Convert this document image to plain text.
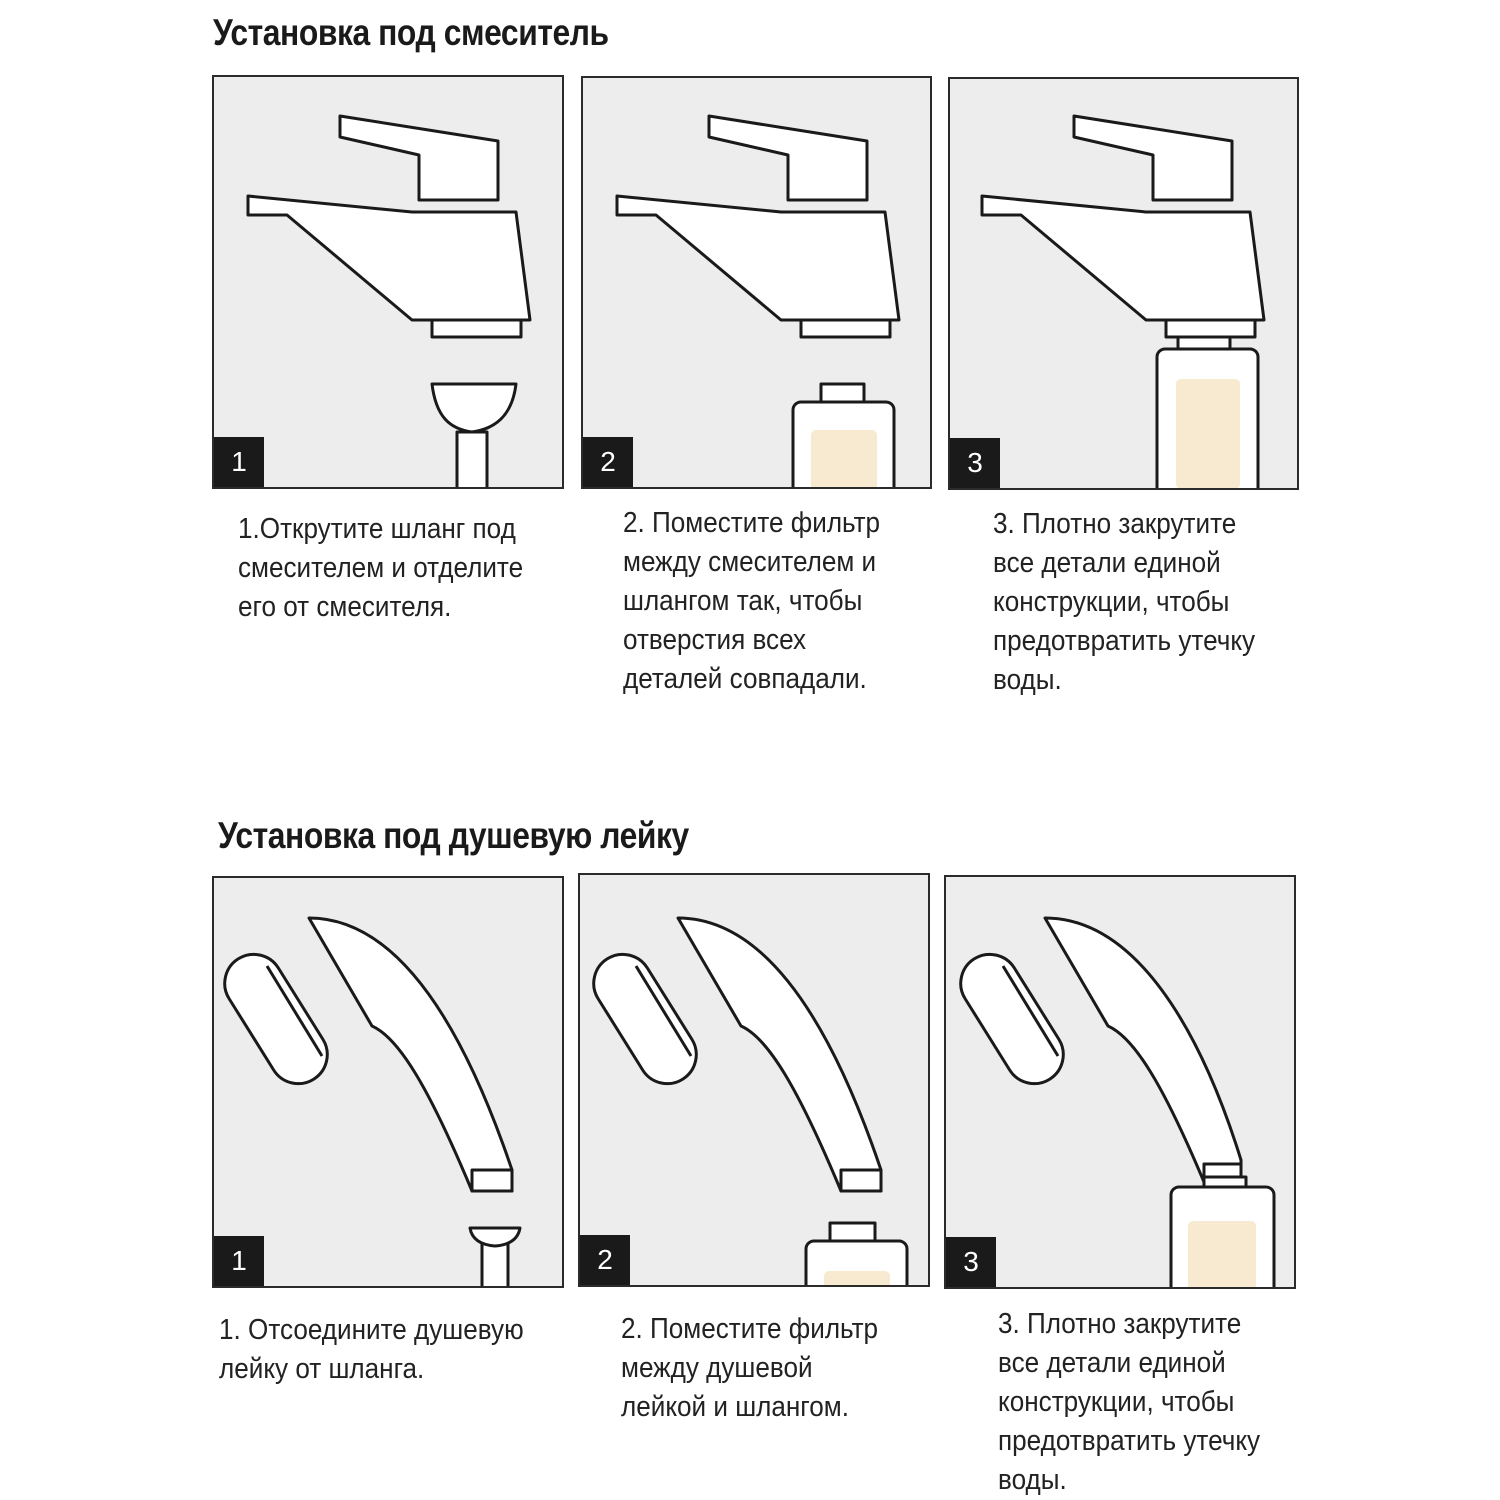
Установка под смеситель
1	2	3

1.Открутите шланг под
смесителем и отделите
его от смесителя.

2. Поместите фильтр
между смесителем и
шлангом так, чтобы
отверстия всех
деталей совпадали.

3. Плотно закрутите
все детали единой
конструкции, чтобы
предотвратить утечку
воды.

Установка под душевую лейку
1	2	3

1. Отсоедините душевую
лейку от шланга.

2. Поместите фильтр
между душевой
лейкой и шлангом.

3. Плотно закрутите
все детали единой
конструкции, чтобы
предотвратить утечку
воды.
